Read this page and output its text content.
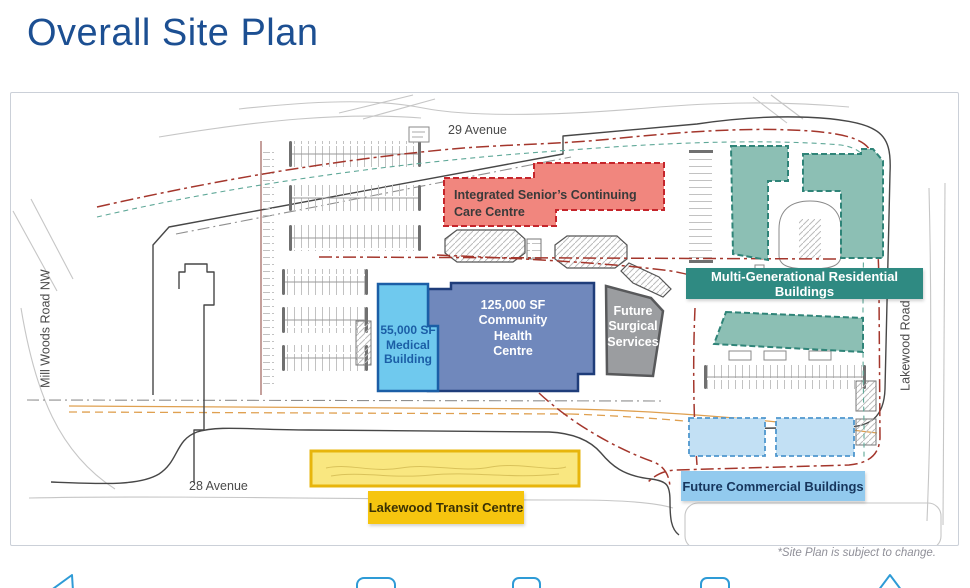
Overall Site Plan
29 Avenue
28 Avenue
Mill Woods Road NW	Lakewood Road
Integrated Senior’s Continuing Care Centre
55,000 SF Medical Building
125,000 SF Community Health Centre
Future Surgical Services
Multi-Generational Residential Buildings
Future Commercial Buildings
Lakewood Transit Centre
*Site Plan is subject to change.
